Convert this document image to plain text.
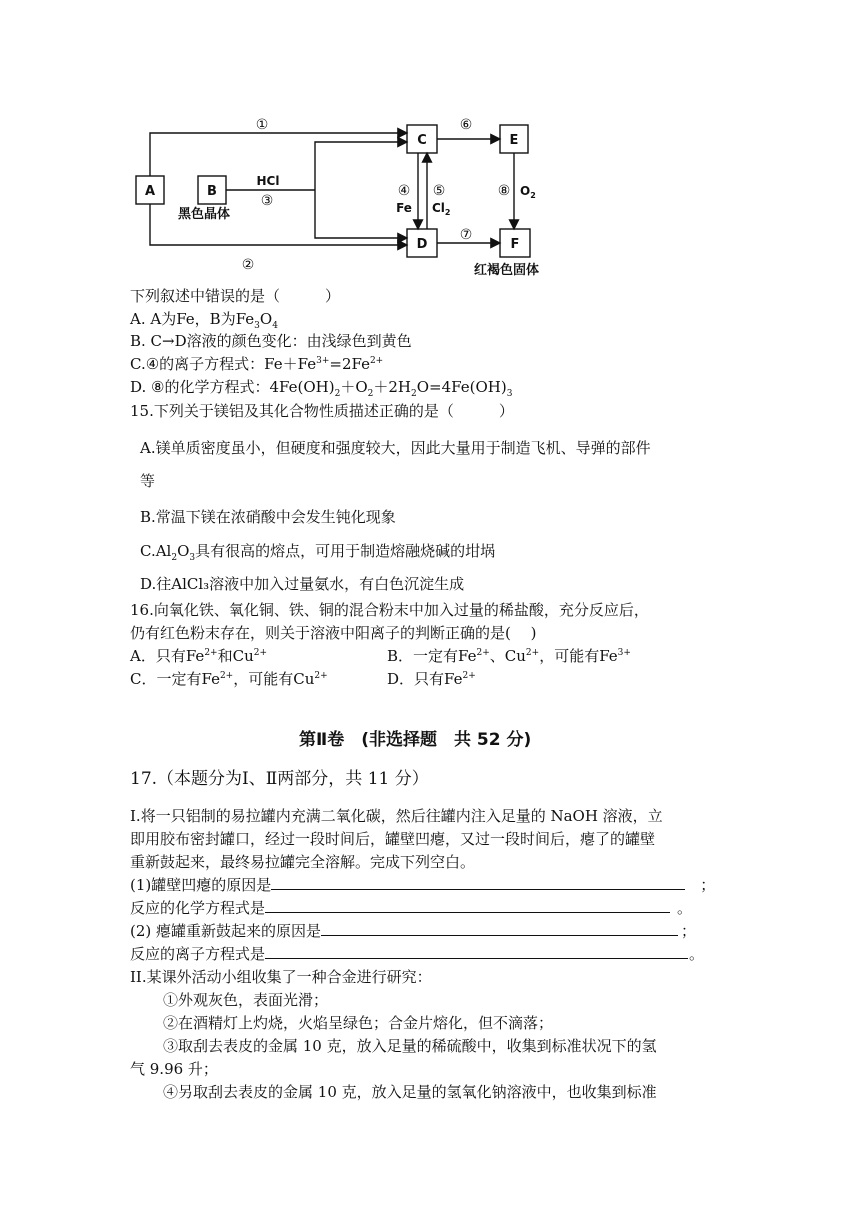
A	B
C
D
E
F
①
②
③
④ ⑤
⑥
⑦
⑧
HCl
Fe $Cl_2$
$O_2$
黑色晶体
红褐色固体
下列叙述中错误的是（　　　）
A. A为Fe，B为$Fe_3O_4$
B. C→D溶液的颜色变化：由浅绿色到黄色
C.④的离子方程式：$Fe+Fe^{3+}=2Fe^{2+}$
D. ⑧的化学方程式：$4Fe(OH)_2+O_2+2H_2O=4Fe(OH)_3$
15.下列关于镁铝及其化合物性质描述正确的是（　　　）
A.镁单质密度虽小，但硬度和强度较大，因此大量用于制造飞机、导弹的部件
等
B.常温下镁在浓硝酸中会发生钝化现象
$C.Al_2O_3$具有很高的熔点，可用于制造熔融烧碱的坩埚
D.往AlCl₃溶液中加入过量氨水，有白色沉淀生成
16.向氧化铁、氧化铜、铁、铜的混合粉末中加入过量的稀盐酸，充分反应后，
仍有红色粉末存在，则关于溶液中阳离子的判断正确的是(　 )
A．只有$Fe^{2+}$和$Cu^{2+}$	B．一定有$Fe^{2+}$、$Cu^{2+}$，可能有$Fe^{3+}$
C．一定有$Fe^{2+}$，可能有$Cu^{2+}$	D．只有$Fe^{2+}$
第Ⅱ卷　(非选择题　共 52 分)
17.（本题分为Ⅰ、Ⅱ两部分，共 11 分）
I.将一只铝制的易拉罐内充满二氧化碳，然后往罐内注入足量的 NaOH 溶液，立
即用胶布密封罐口，经过一段时间后，罐壁凹瘪，又过一段时间后，瘪了的罐壁
重新鼓起来，最终易拉罐完全溶解。完成下列空白。
(1)罐壁凹瘪的原因是	；
反应的化学方程式是	。
(2) 瘪罐重新鼓起来的原因是	；
反应的离子方程式是	。
II.某课外活动小组收集了一种合金进行研究：
①外观灰色，表面光滑；
②在酒精灯上灼烧，火焰呈绿色；合金片熔化，但不滴落；
③取刮去表皮的金属 10 克，放入足量的稀硫酸中，收集到标准状况下的氢
气 9.96 升；
④另取刮去表皮的金属 10 克，放入足量的氢氧化钠溶液中，也收集到标准
